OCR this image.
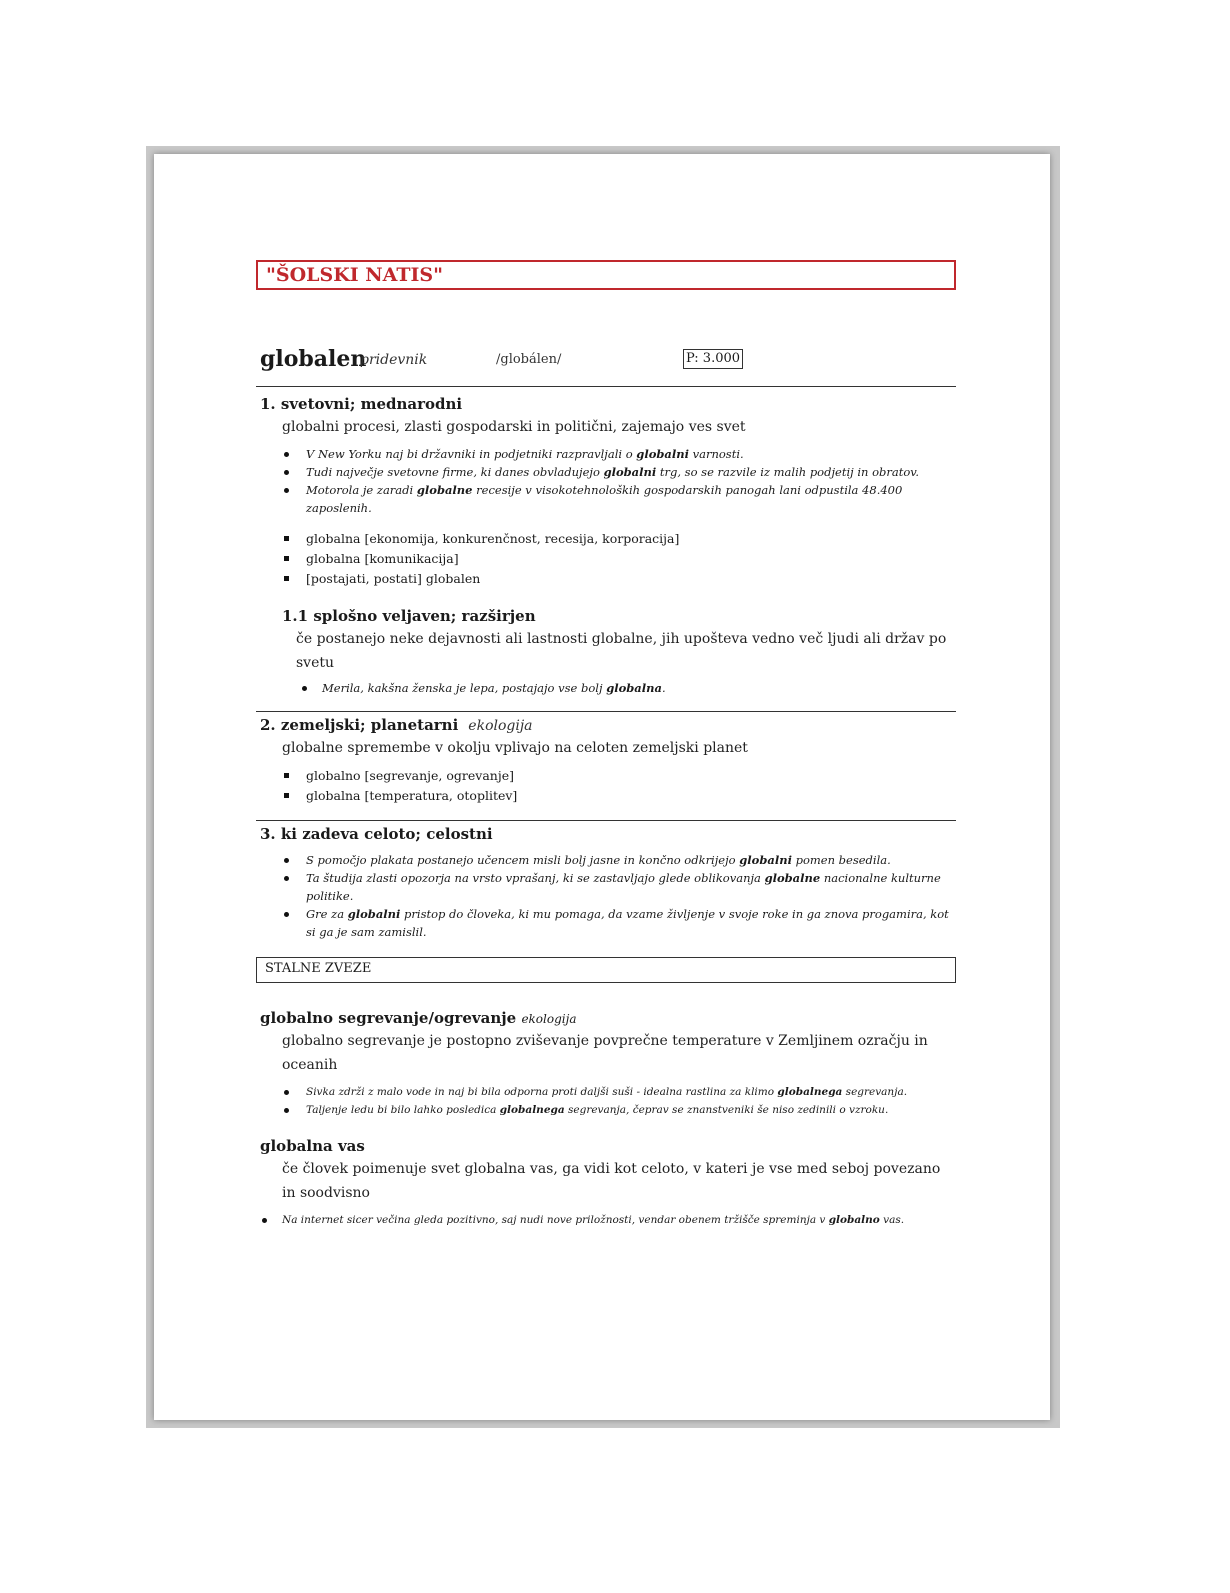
"ŠOLSKI NATIS"
globalen
pridevnik	/globálen/	P: 3.000
1. svetovni; mednarodni
globalni procesi, zlasti gospodarski in politični, zajemajo ves svet
V New Yorku naj bi državniki in podjetniki razpravljali o globalni varnosti.
Tudi največje svetovne firme, ki danes obvladujejo globalni trg, so se razvile iz malih podjetij in obratov.
Motorola je zaradi globalne recesije v visokotehnoloških gospodarskih panogah lani odpustila 48.400 zaposlenih.
globalna [ekonomija, konkurenčnost, recesija, korporacija]
globalna [komunikacija]
[postajati, postati] globalen
1.1 splošno veljaven; razširjen
če postanejo neke dejavnosti ali lastnosti globalne, jih upošteva vedno več ljudi ali držav po svetu
Merila, kakšna ženska je lepa, postajajo vse bolj globalna.
2. zemeljski; planetarni ekologija
globalne spremembe v okolju vplivajo na celoten zemeljski planet
globalno [segrevanje, ogrevanje]
globalna [temperatura, otoplitev]
3. ki zadeva celoto; celostni
S pomočjo plakata postanejo učencem misli bolj jasne in končno odkrijejo globalni pomen besedila.
Ta študija zlasti opozorja na vrsto vprašanj, ki se zastavljajo glede oblikovanja globalne nacionalne kulturne politike.
Gre za globalni pristop do človeka, ki mu pomaga, da vzame življenje v svoje roke in ga znova progamira, kot si ga je sam zamislil.
STALNE ZVEZE
globalno segrevanje/ogrevanje ekologija
globalno segrevanje je postopno zviševanje povprečne temperature v Zemljinem ozračju in oceanih
Sivka zdrži z malo vode in naj bi bila odporna proti daljši suši - idealna rastlina za klimo globalnega segrevanja.
Taljenje ledu bi bilo lahko posledica globalnega segrevanja, čeprav se znanstveniki še niso zedinili o vzroku.
globalna vas
če človek poimenuje svet globalna vas, ga vidi kot celoto, v kateri je vse med seboj povezano in soodvisno
Na internet sicer večina gleda pozitivno, saj nudi nove priložnosti, vendar obenem tržišče spreminja v globalno vas.
